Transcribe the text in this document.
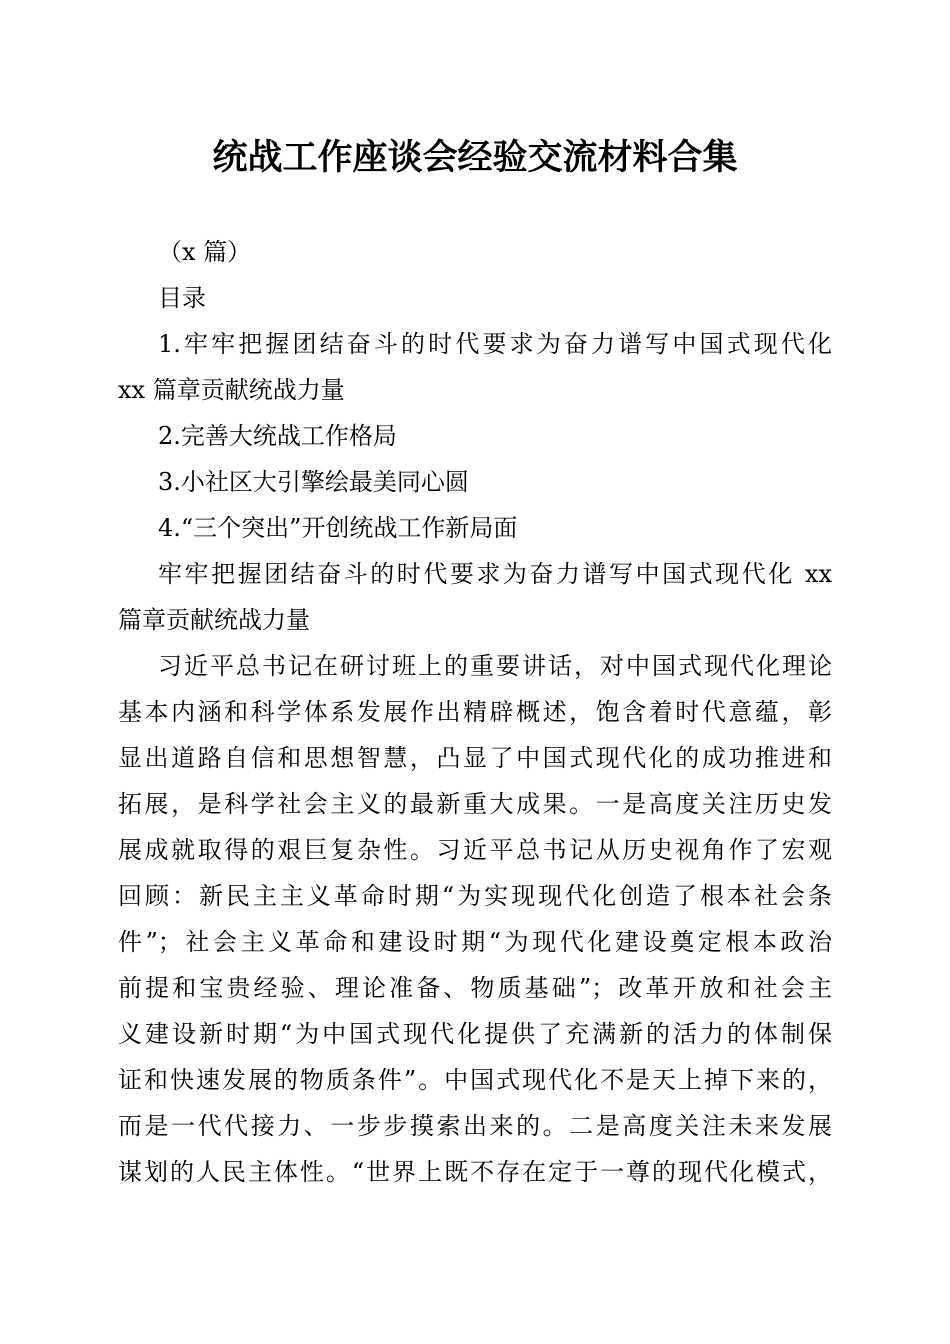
统战工作座谈会经验交流材料合集
（x 篇）
目录
1.牢牢把握团结奋斗的时代要求为奋力谱写中国式现代化
xx 篇章贡献统战力量
2.完善大统战工作格局
3.小社区大引擎绘最美同心圆
4.“三个突出”开创统战工作新局面
牢牢把握团结奋斗的时代要求为奋力谱写中国式现代化 xx
篇章贡献统战力量
习近平总书记在研讨班上的重要讲话，对中国式现代化理论
基本内涵和科学体系发展作出精辟概述，饱含着时代意蕴，彰
显出道路自信和思想智慧，凸显了中国式现代化的成功推进和
拓展，是科学社会主义的最新重大成果。一是高度关注历史发
展成就取得的艰巨复杂性。习近平总书记从历史视角作了宏观
回顾：新民主主义革命时期“为实现现代化创造了根本社会条
件”；社会主义革命和建设时期“为现代化建设奠定根本政治
前提和宝贵经验、理论准备、物质基础”；改革开放和社会主
义建设新时期“为中国式现代化提供了充满新的活力的体制保
证和快速发展的物质条件”。中国式现代化不是天上掉下来的，
而是一代代接力、一步步摸索出来的。二是高度关注未来发展
谋划的人民主体性。“世界上既不存在定于一尊的现代化模式，
